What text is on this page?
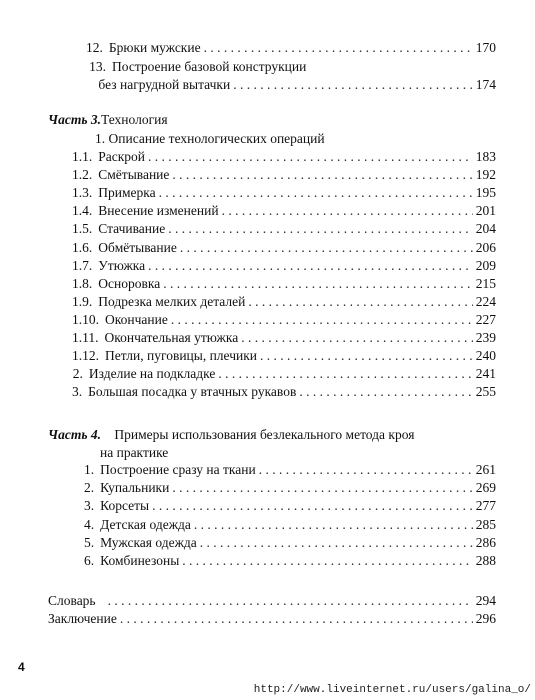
12. Брюки мужские . . .	170
13. Построение базовой конструкции
без нагрудной вытачки . . .	174
Часть 3.Технология
1. Описание технологических операций
1.1. Раскрой . . .	183
1.2. Смётывание . . .	192
1.3. Примерка . . .	195
1.4. Внесение изменений . . .	201
1.5. Стачивание . . .	204
1.6. Обмётывание . . .	206
1.7. Утюжка . . .	209
1.8. Осноровка . . .	215
1.9. Подрезка мелких деталей . . .	224
1.10. Окончание . . .	227
1.11. Окончательная утюжка . . .	239
1.12. Петли, пуговицы, плечики . . .	240
2. Изделие на подкладке . . .	241
3. Большая посадка у втачных рукавов . . .	255
Часть 4. Примеры использования безлекального метода кроя
на практике
1. Построение сразу на ткани . . .	261
2. Купальники . . .	269
3. Корсеты . . .	277
4. Детская одежда . . .	285
5. Мужская одежда . . .	286
6. Комбинезоны . . .	288
Словарь . . .	294
Заключение . . .	296
4
http://www.liveinternet.ru/users/galina_o/
